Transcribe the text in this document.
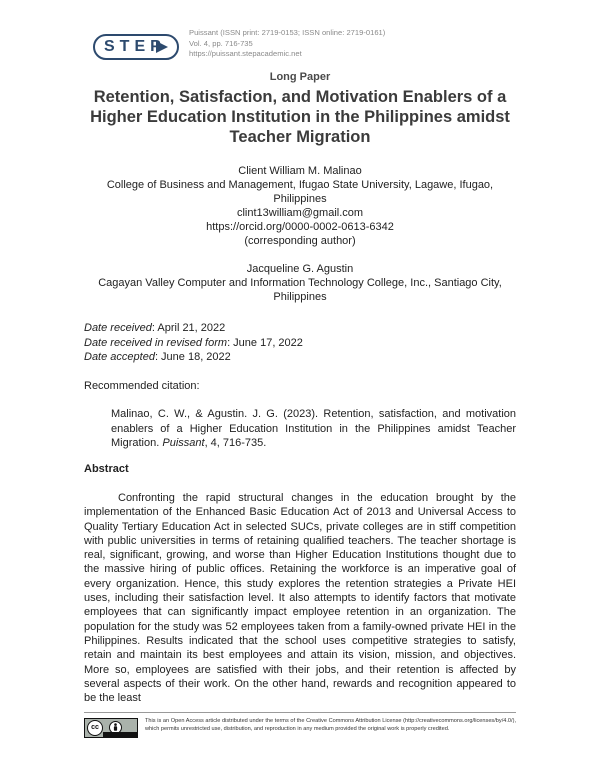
STEP
Puissant (ISSN print: 2719-0153; ISSN online: 2719-0161)
Vol. 4, pp. 716-735
https://puissant.stepacademic.net
Long Paper
Retention, Satisfaction, and Motivation Enablers of a Higher Education Institution in the Philippines amidst Teacher Migration
Client William M. Malinao
College of Business and Management, Ifugao State University, Lagawe, Ifugao, Philippines
clint13william@gmail.com
https://orcid.org/0000-0002-0613-6342
(corresponding author)
Jacqueline G. Agustin
Cagayan Valley Computer and Information Technology College, Inc., Santiago City, Philippines
Date received: April 21, 2022
Date received in revised form: June 17, 2022
Date accepted: June 18, 2022
Recommended citation:
Malinao, C. W., & Agustin. J. G. (2023). Retention, satisfaction, and motivation enablers of a Higher Education Institution in the Philippines amidst Teacher Migration. Puissant, 4, 716-735.
Abstract
Confronting the rapid structural changes in the education brought by the implementation of the Enhanced Basic Education Act of 2013 and Universal Access to Quality Tertiary Education Act in selected SUCs, private colleges are in stiff competition with public universities in terms of retaining qualified teachers. The teacher shortage is real, significant, growing, and worse than Higher Education Institutions thought due to the massive hiring of public offices. Retaining the workforce is an imperative goal of every organization. Hence, this study explores the retention strategies a Private HEI uses, including their satisfaction level. It also attempts to identify factors that motivate employees that can significantly impact employee retention in an organization. The population for the study was 52 employees taken from a family-owned private HEI in the Philippines. Results indicated that the school uses competitive strategies to satisfy, retain and maintain its best employees and attain its vision, mission, and objectives. More so, employees are satisfied with their jobs, and their retention is affected by several aspects of their work. On the other hand, rewards and recognition appeared to be the least
cc
This is an Open Access article distributed under the terms of the Creative Commons Attribution License (http://creativecommons.org/licenses/by/4.0/), which permits unrestricted use, distribution, and reproduction in any medium provided the original work is properly credited.
